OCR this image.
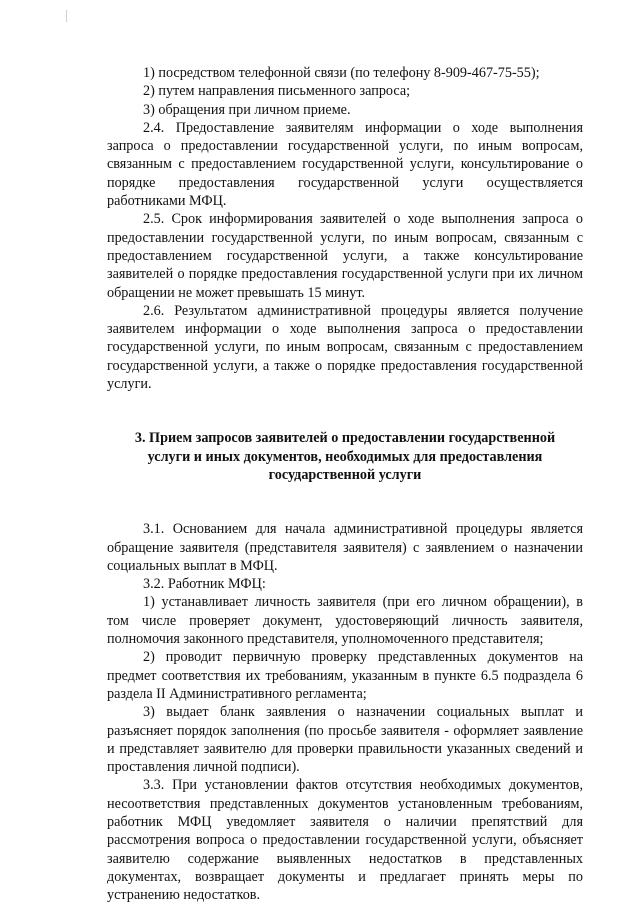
1) посредством телефонной связи (по телефону 8-909-467-75-55);

2) путем направления письменного запроса;

3) обращения при личном приеме.

2.4. Предоставление заявителям информации о ходе выполнения запроса о предоставлении государственной услуги, по иным вопросам, связанным с предоставлением государственной услуги, консультирование о порядке предоставления государственной услуги осуществляется работниками МФЦ.

2.5. Срок информирования заявителей о ходе выполнения запроса о предоставлении государственной услуги, по иным вопросам, связанным с предоставлением государственной услуги, а также консультирование заявителей о порядке предоставления государственной услуги при их личном обращении не может превышать 15 минут.

2.6. Результатом административной процедуры является получение заявителем информации о ходе выполнения запроса о предоставлении государственной услуги, по иным вопросам, связанным с предоставлением государственной услуги, а также о порядке предоставления государственной услуги.

3. Прием запросов заявителей о предоставлении государственной
услуги и иных документов, необходимых для предоставления
государственной услуги

3.1. Основанием для начала административной процедуры является обращение заявителя (представителя заявителя) с заявлением о назначении социальных выплат в МФЦ.

3.2. Работник МФЦ:

1) устанавливает личность заявителя (при его личном обращении), в том числе проверяет документ, удостоверяющий личность заявителя, полномочия законного представителя, уполномоченного представителя;

2) проводит первичную проверку представленных документов на предмет соответствия их требованиям, указанным в пункте 6.5 подраздела 6 раздела II Административного регламента;

3) выдает бланк заявления о назначении социальных выплат и разъясняет порядок заполнения (по просьбе заявителя - оформляет заявление и представляет заявителю для проверки правильности указанных сведений и проставления личной подписи).

3.3. При установлении фактов отсутствия необходимых документов, несоответствия представленных документов установленным требованиям, работник МФЦ уведомляет заявителя о наличии препятствий для рассмотрения вопроса о предоставлении государственной услуги, объясняет заявителю содержание выявленных недостатков в представленных документах, возвращает документы и предлагает принять меры по устранению недостатков.
